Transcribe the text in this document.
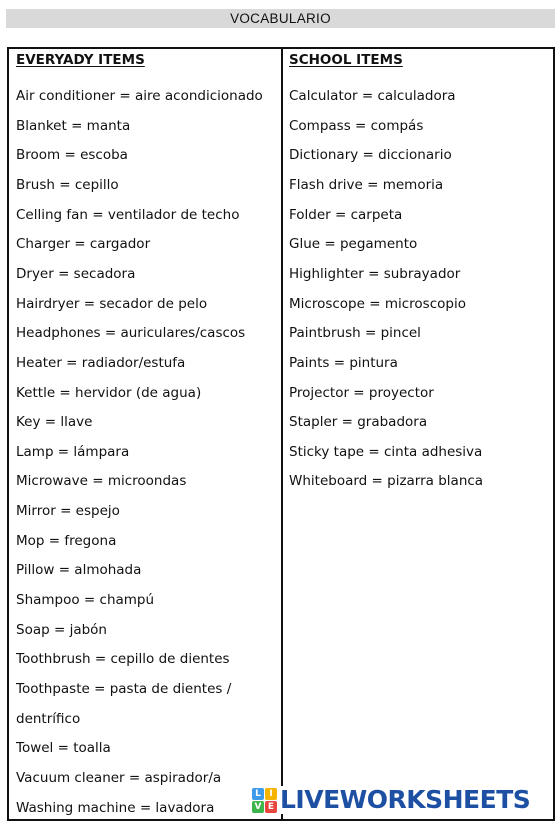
VOCABULARIO
EVERYADY ITEMS
Air conditioner = aire acondicionado
Blanket = manta
Broom = escoba
Brush = cepillo
Celling fan = ventilador de techo
Charger = cargador
Dryer = secadora
Hairdryer = secador de pelo
Headphones = auriculares/cascos
Heater = radiador/estufa
Kettle = hervidor (de agua)
Key = llave
Lamp = lámpara
Microwave = microondas
Mirror = espejo
Mop = fregona
Pillow = almohada
Shampoo = champú
Soap = jabón
Toothbrush = cepillo de dientes
Toothpaste = pasta de dientes /
dentrífico
Towel = toalla
Vacuum cleaner = aspirador/a
Washing machine = lavadora
SCHOOL ITEMS
Calculator = calculadora
Compass = compás
Dictionary = diccionario
Flash drive = memoria
Folder = carpeta
Glue = pegamento
Highlighter = subrayador
Microscope = microscopio
Paintbrush = pincel
Paints = pintura
Projector = proyector
Stapler = grabadora
Sticky tape = cinta adhesiva
Whiteboard = pizarra blanca
L I
V E LIVEWORKSHEETS
